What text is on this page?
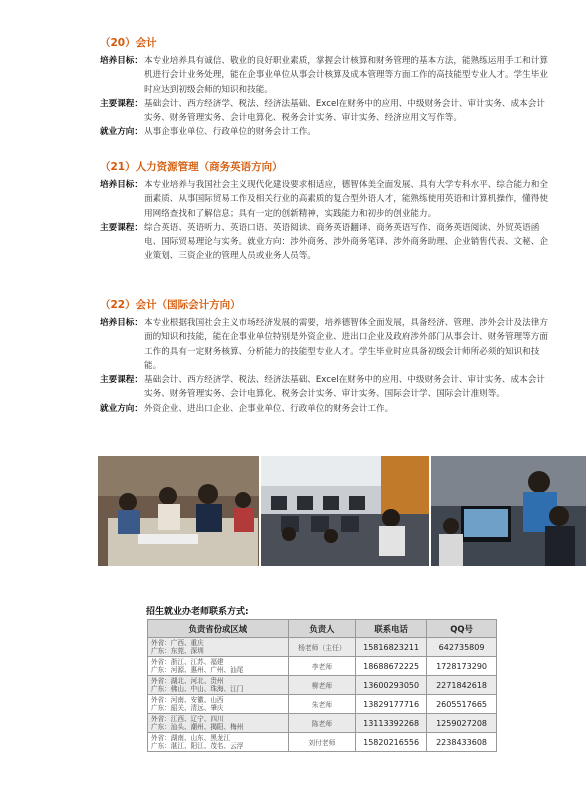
（20）会计
培养目标： 本专业培养具有诚信、敬业的良好职业素质，掌握会计核算和财务管理的基本方法，能熟练运用手工和计算机进行会计业务处理，能在企事业单位从事会计核算及成本管理等方面工作的高技能型专业人才。学生毕业时应达到初级会师的知识和技能。
主要课程： 基础会计、西方经济学、税法、经济法基础、Excel在财务中的应用、中级财务会计、审计实务、成本会计实务、财务管理实务、会计电算化、税务会计实务、审计实务、经济应用文写作等。
就业方向： 从事企事业单位、行政单位的财务会计工作。
（21）人力资源管理（商务英语方向）
培养目标： 本专业培养与我国社会主义现代化建设要求相适应，德智体美全面发展、具有大学专科水平、综合能力和全面素质、从事国际贸易工作及相关行业的高素质的复合型外语人才，能熟练使用英语和计算机操作，懂得使用网络查找和了解信息；具有一定的创新精神，实践能力和初步的创业能力。
主要课程： 综合英语、英语听力、英语口语、英语阅读、商务英语翻译、商务英语写作、商务英语阅读、外贸英语函电、国际贸易理论与实务。就业方向：涉外商务、涉外商务笔译、涉外商务助理、企业销售代表、文秘、企业策划、三资企业的管理人员或业务人员等。
（22）会计（国际会计方向）
培养目标： 本专业根据我国社会主义市场经济发展的需要，培养德智体全面发展，具备经济、管理、涉外会计及法律方面的知识和技能，能在企事业单位特别是外资企业、进出口企业及政府涉外部门从事会计、财务管理等方面工作的具有一定财务核算、分析能力的技能型专业人才。学生毕业时应具备初级会计师所必须的知识和技能。
主要课程： 基础会计、西方经济学、税法、经济法基础、Excel在财务中的应用、中级财务会计、审计实务、成本会计实务、财务管理实务、会计电算化、税务会计实务、审计实务、国际会计学、国际会计准则等。
就业方向： 外资企业、进出口企业、企事业单位、行政单位的财务会计工作。
招生就业办老师联系方式:
负责省份或区域	负责人	联系电话	QQ号

外省：广西、重庆
广东：东莞、深圳	杨老师（主任）	15816823211	642735809

外省：浙江、江苏、福建
广东：河源、惠州、广州、汕尾	李老师	18688672225	1728173290

外省：湖北、河北、贵州
广东：佛山、中山、珠海、江门	柳老师	13600293050	2271842618

外省：河南、安徽、山西
广东：韶关、清远、肇庆	朱老师	13829177716	2605517665

外省：江西、辽宁、四川
广东：汕头、潮州、揭阳、梅州	陈老师	13113392268	1259027208

外省：湖南、山东、黑龙江
广东：湛江、阳江、茂名、云浮	刘付老师	15820216556	2238433608
